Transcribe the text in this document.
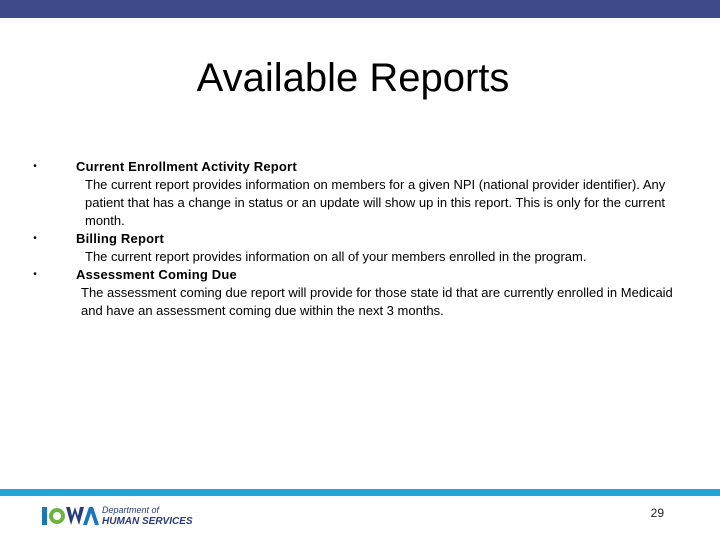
Available Reports
•	Current Enrollment Activity Report
The current report provides information on members for a given NPI (national provider identifier). Any patient that has a change in status or an update will show up in this report. This is only for the current month.
•	Billing Report
The current report provides information on all of your members enrolled in the program.
•	Assessment Coming Due
The assessment coming due report will provide for those state id that are currently enrolled in Medicaid and have an assessment coming due within the next 3 months.
Department of
HUMAN SERVICES
29
